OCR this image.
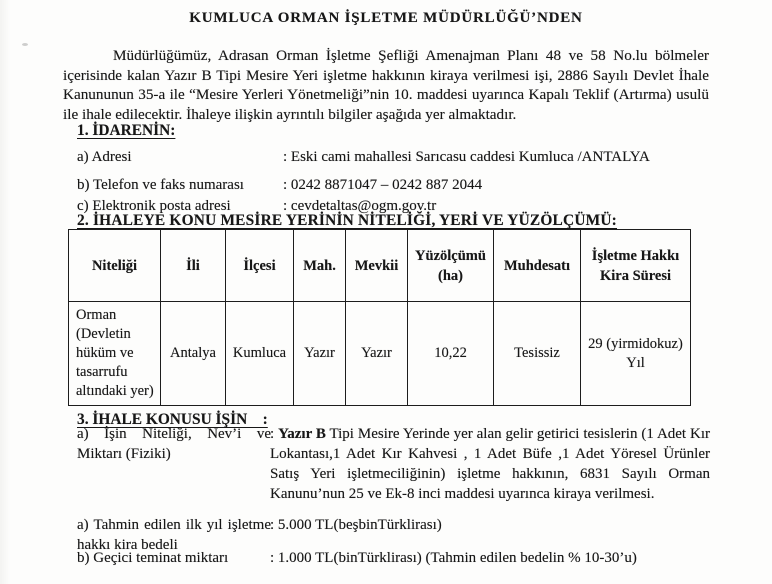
KUMLUCA ORMAN İŞLETME MÜDÜRLÜĞÜ’NDEN

Müdürlüğümüz, Adrasan Orman İşletme Şefliği Amenajman Planı 48 ve 58 No.lu bölmeler içerisinde kalan Yazır B Tipi Mesire Yeri işletme hakkının kiraya verilmesi işi, 2886 Sayılı Devlet İhale Kanununun 35-a ile “Mesire Yerleri Yönetmeliği”nin 10. maddesi uyarınca Kapalı Teklif (Artırma) usulü ile ihale edilecektir. İhaleye ilişkin ayrıntılı bilgiler aşağıda yer almaktadır.

1. İDARENİN:
a) Adresi	: Eski cami mahallesi Sarıcasu caddesi Kumluca /ANTALYA
b) Telefon ve faks numarası	: 0242 8871047 – 0242 887 2044
c) Elektronik posta adresi	: cevdetaltas@ogm.gov.tr
2. İHALEYE KONU MESİRE YERİNİN NİTELİĞİ, YERİ VE YÜZÖLÇÜMÜ:
Niteliği	İli	İlçesi	Mah.	Mevkii	Yüzölçümü (ha)	Muhdesatı	İşletme Hakkı Kira Süresi
Orman (Devletin hüküm ve tasarrufu altındaki yer)	Antalya	Kumluca	Yazır	Yazır	10,22	Tesissiz	29 (yirmidokuz) Yıl
3. İHALE KONUSU İŞİN    :
a) İşin Niteliği, Nev’i ve Miktarı (Fiziki)
: Yazır B Tipi Mesire Yerinde yer alan gelir getirici tesislerin (1 Adet Kır Lokantası,1 Adet Kır Kahvesi , 1 Adet Büfe ,1 Adet Yöresel Ürünler Satış Yeri işletmeciliğinin) işletme hakkının, 6831 Sayılı Orman Kanunu’nun 25 ve Ek-8 inci maddesi uyarınca kiraya verilmesi.
a) Tahmin edilen ilk yıl işletme hakkı kira bedeli
: 5.000 TL(beşbinTürklirası)
b) Geçici teminat miktarı	: 1.000 TL(binTürklirası) (Tahmin edilen bedelin % 10-30’u)
